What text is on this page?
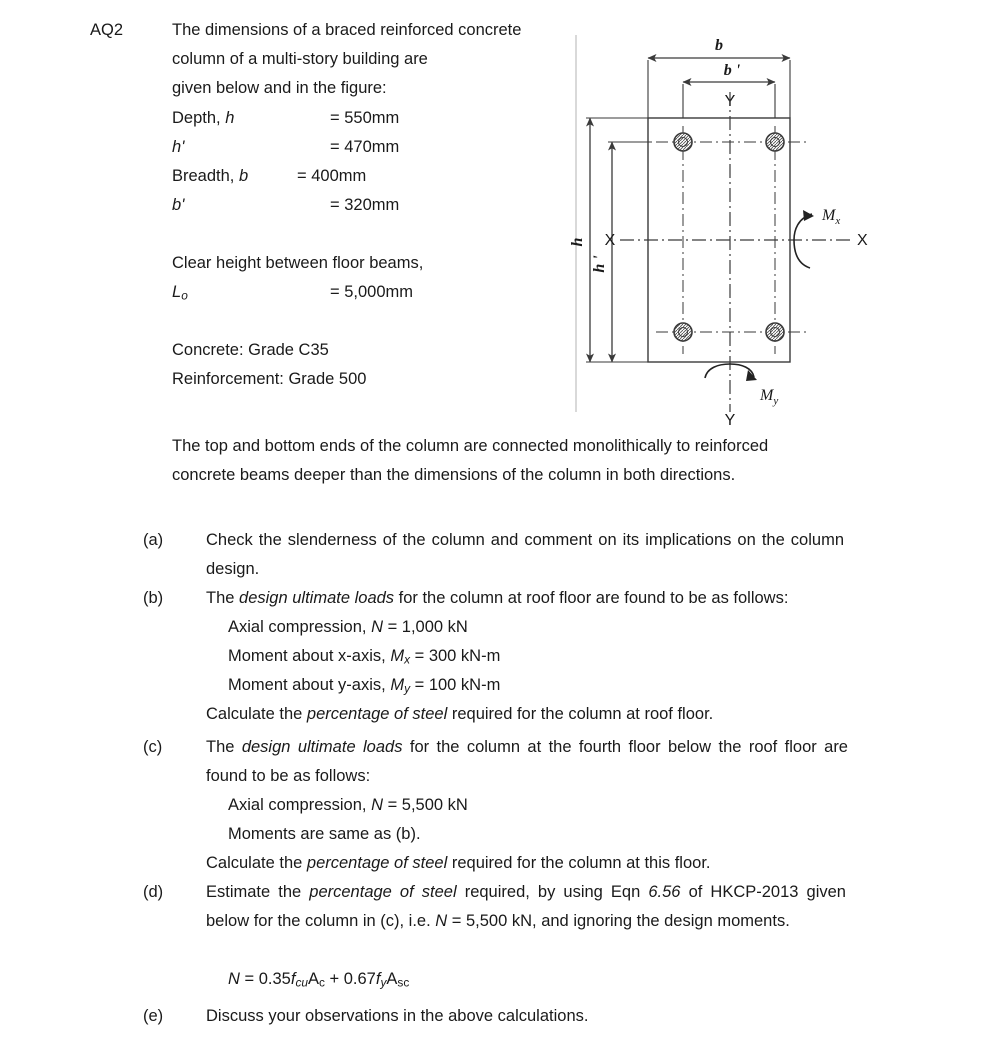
AQ2	The dimensions of a braced reinforced concrete column of a multi-story building are
given below and in the figure:
Depth, h	= 550mm
h'	= 470mm
Breadth, b	= 400mm
b'	= 320mm
Clear height between floor beams,
$L_o$	= 5,000mm
Concrete: Grade C35
Reinforcement: Grade 500
b
b '
Y
h
h '
X	X
$M_x$
$M_y$
Y
The top and bottom ends of the column are connected monolithically to reinforced
concrete beams deeper than the dimensions of the column in both directions.
(a)	Check the slenderness of the column and comment on its implications on the column design.
(b)	The design ultimate loads for the column at roof floor are found to be as follows:
Axial compression, N = 1,000 kN
Moment about x-axis, $M_x = 300$ kN-m
Moment about y-axis, $M_y = 100$ kN-m
Calculate the percentage of steel required for the column at roof floor.
(c)	The design ultimate loads for the column at the fourth floor below the roof floor are found to be as follows:
Axial compression, N = 5,500 kN
Moments are same as (b).
Calculate the percentage of steel required for the column at this floor.
(d)	Estimate the percentage of steel required, by using Eqn 6.56 of HKCP-2013 given below for the column in (c), i.e. N = 5,500 kN, and ignoring the design moments.
$N = 0.35f_{cu}A_c + 0.67f_yA_{sc}$
(e)	Discuss your observations in the above calculations.
